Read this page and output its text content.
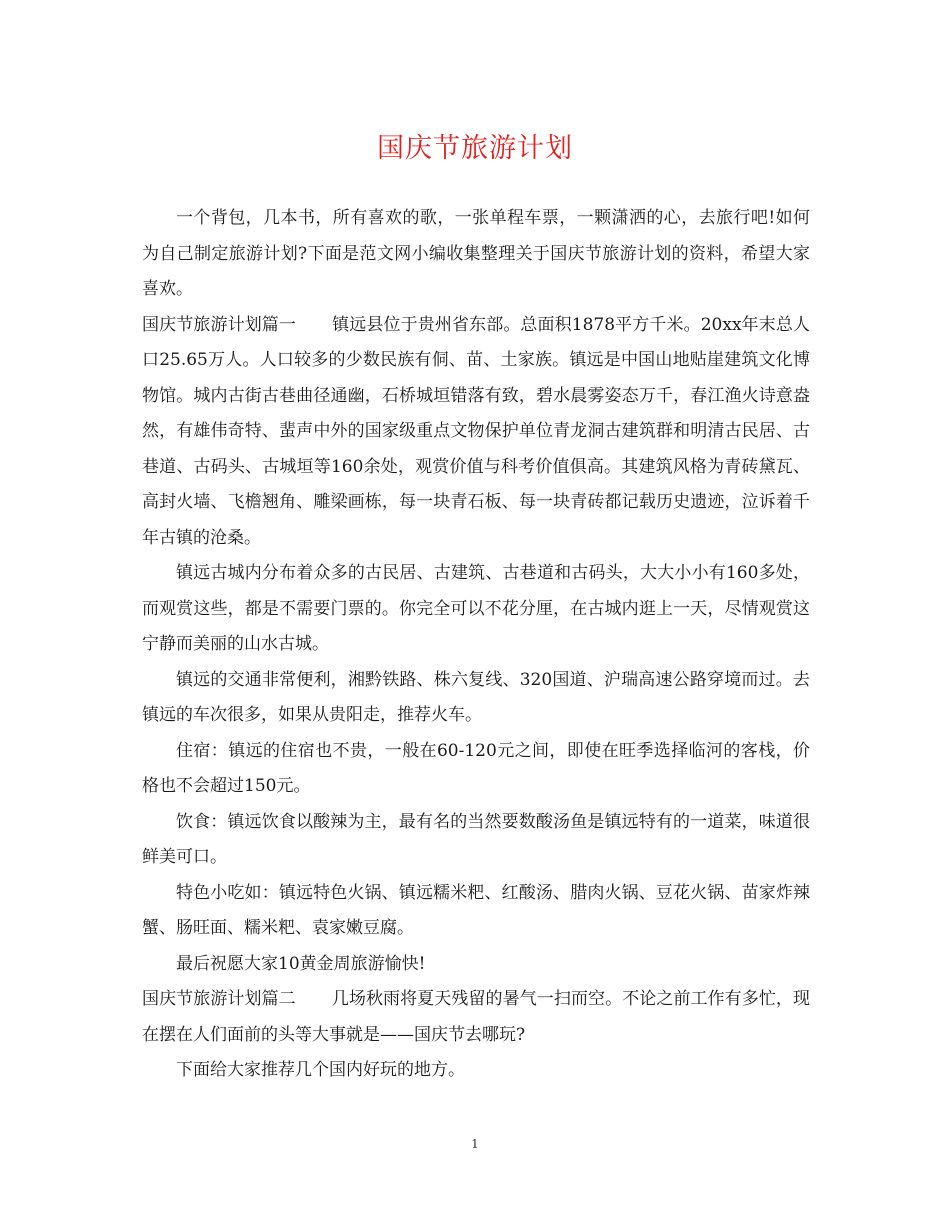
国庆节旅游计划

一个背包，几本书，所有喜欢的歌，一张单程车票，一颗潇洒的心，去旅行吧!如何为自己制定旅游计划?下面是范文网小编收集整理关于国庆节旅游计划的资料，希望大家喜欢。

国庆节旅游计划篇一 镇远县位于贵州省东部。总面积1878平方千米。20xx年末总人口25.65万人。人口较多的少数民族有侗、苗、土家族。镇远是中国山地贴崖建筑文化博物馆。城内古街古巷曲径通幽，石桥城垣错落有致，碧水晨雾姿态万千，春江渔火诗意盎然，有雄伟奇特、蜚声中外的国家级重点文物保护单位青龙洞古建筑群和明清古民居、古巷道、古码头、古城垣等160余处，观赏价值与科考价值俱高。其建筑风格为青砖黛瓦、高封火墙、飞檐翘角、雕梁画栋，每一块青石板、每一块青砖都记载历史遗迹，泣诉着千年古镇的沧桑。

镇远古城内分布着众多的古民居、古建筑、古巷道和古码头，大大小小有160多处，而观赏这些，都是不需要门票的。你完全可以不花分厘，在古城内逛上一天，尽情观赏这宁静而美丽的山水古城。

镇远的交通非常便利，湘黔铁路、株六复线、320国道、沪瑞高速公路穿境而过。去镇远的车次很多，如果从贵阳走，推荐火车。

住宿：镇远的住宿也不贵，一般在60-120元之间，即使在旺季选择临河的客栈，价格也不会超过150元。

饮食：镇远饮食以酸辣为主，最有名的当然要数酸汤鱼是镇远特有的一道菜，味道很鲜美可口。

特色小吃如：镇远特色火锅、镇远糯米粑、红酸汤、腊肉火锅、豆花火锅、苗家炸辣蟹、肠旺面、糯米粑、袁家嫩豆腐。

最后祝愿大家10黄金周旅游愉快!

国庆节旅游计划篇二 几场秋雨将夏天残留的暑气一扫而空。不论之前工作有多忙，现在摆在人们面前的头等大事就是——国庆节去哪玩?

下面给大家推荐几个国内好玩的地方。

1
